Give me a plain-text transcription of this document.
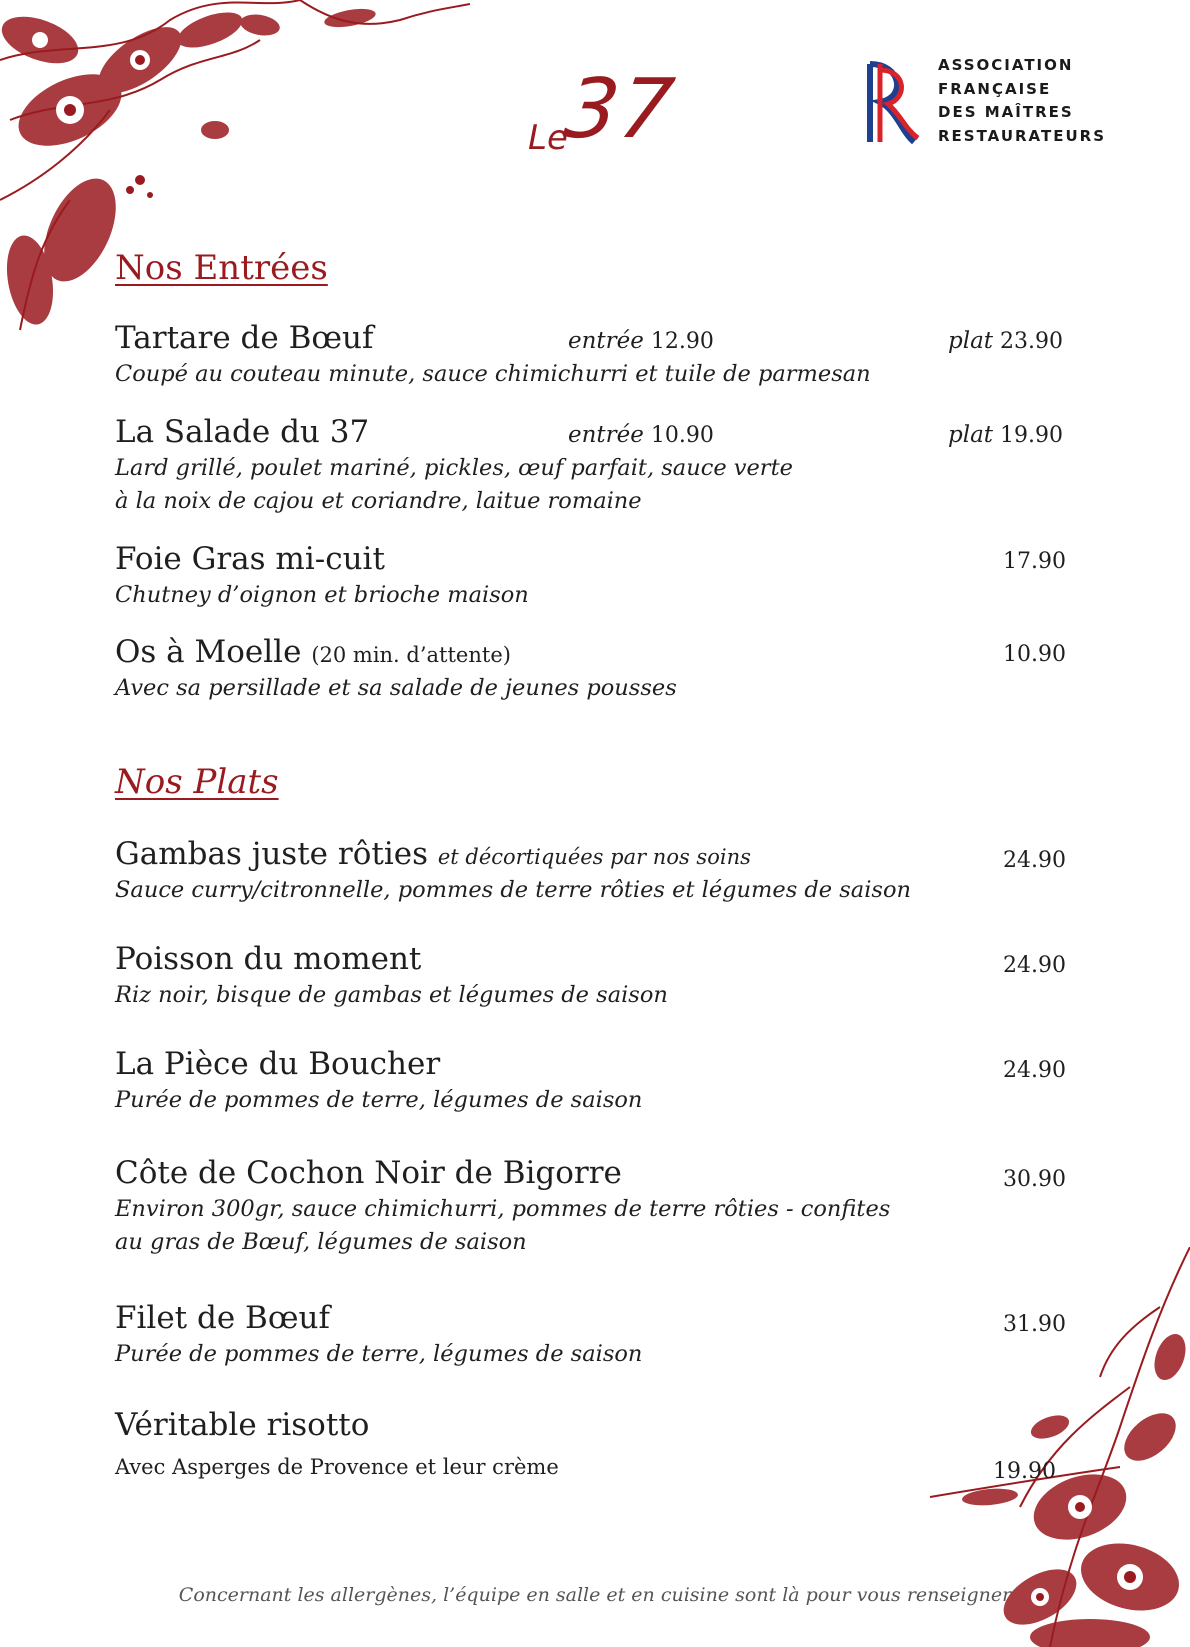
Le
37	ASSOCIATION
FRANÇAISE
DES MAÎTRES
RESTAURATEURS
Nos Entrées
Tartare de Bœuf
Coupé au couteau minute, sauce chimichurri et tuile de parmesan
entrée 12.90	plat 23.90
La Salade du 37
Lard grillé, poulet mariné, pickles, œuf parfait, sauce verte
à la noix de cajou et coriandre, laitue romaine
entrée 10.90	plat 19.90
Foie Gras mi-cuit
Chutney d’oignon et brioche maison
17.90
Os à Moelle (20 min. d’attente)
Avec sa persillade et sa salade de jeunes pousses
10.90
Nos Plats
Gambas juste rôties et décortiquées par nos soins
Sauce curry/citronnelle, pommes de terre rôties et légumes de saison
24.90
Poisson du moment
Riz noir, bisque de gambas et légumes de saison
24.90
La Pièce du Boucher
Purée de pommes de terre, légumes de saison
24.90
Côte de Cochon Noir de Bigorre
Environ 300gr, sauce chimichurri, pommes de terre rôties - confites
au gras de Bœuf, légumes de saison
30.90
Filet de Bœuf
Purée de pommes de terre, légumes de saison
31.90
Véritable risotto
Avec Asperges de Provence et leur crème	19.90
Concernant les allergènes, l’équipe en salle et en cuisine sont là pour vous renseigner
